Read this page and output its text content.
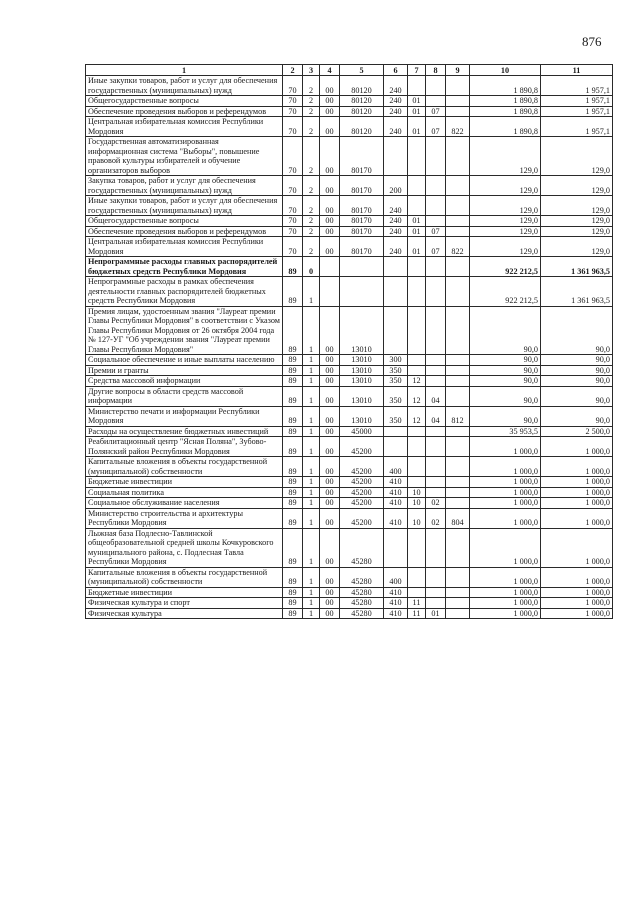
876
1	2	3	4	5	6	7	8	9	10	11
Иные закупки товаров, работ и услуг для обеспечения государственных (муниципальных) нужд	70	2	00	80120	240				1 890,8	1 957,1
Общегосударственные вопросы	70	2	00	80120	240	01			1 890,8	1 957,1
Обеспечение проведения выборов и референдумов	70	2	00	80120	240	01	07		1 890,8	1 957,1
Центральная избирательная комиссия Республики Мордовия	70	2	00	80120	240	01	07	822	1 890,8	1 957,1
Государственная автоматизированная информационная система "Выборы", повышение правовой культуры избирателей и обучение организаторов выборов	70	2	00	80170					129,0	129,0
Закупка товаров, работ и услуг для обеспечения государственных (муниципальных) нужд	70	2	00	80170	200				129,0	129,0
Иные закупки товаров, работ и услуг для обеспечения государственных (муниципальных) нужд	70	2	00	80170	240				129,0	129,0
Общегосударственные вопросы	70	2	00	80170	240	01			129,0	129,0
Обеспечение проведения выборов и референдумов	70	2	00	80170	240	01	07		129,0	129,0
Центральная избирательная комиссия Республики Мордовия	70	2	00	80170	240	01	07	822	129,0	129,0
Непрограммные расходы главных распорядителей бюджетных средств Республики Мордовия	89	0							922 212,5	1 361 963,5
Непрограммные расходы в рамках обеспечения деятельности главных распорядителей бюджетных средств Республики Мордовия	89	1							922 212,5	1 361 963,5
Премия лицам, удостоенным звания "Лауреат премии Главы Республики Мордовия" в соответствии с Указом Главы Республики Мордовия от 26 октября 2004 года № 127-УГ "Об учреждении звания "Лауреат премии Главы Республики Мордовия"	89	1	00	13010					90,0	90,0
Социальное обеспечение и иные выплаты населению	89	1	00	13010	300				90,0	90,0
Премии и гранты	89	1	00	13010	350				90,0	90,0
Средства массовой информации	89	1	00	13010	350	12			90,0	90,0
Другие вопросы в области средств массовой информации	89	1	00	13010	350	12	04		90,0	90,0
Министерство печати и информации Республики Мордовия	89	1	00	13010	350	12	04	812	90,0	90,0
Расходы на осуществление бюджетных инвестиций	89	1	00	45000					35 953,5	2 500,0
Реабилитационный центр "Ясная Поляна", Зубово-Полянский район Республики Мордовия	89	1	00	45200					1 000,0	1 000,0
Капитальные вложения в объекты государственной (муниципальной) собственности	89	1	00	45200	400				1 000,0	1 000,0
Бюджетные инвестиции	89	1	00	45200	410				1 000,0	1 000,0
Социальная политика	89	1	00	45200	410	10			1 000,0	1 000,0
Социальное обслуживание населения	89	1	00	45200	410	10	02		1 000,0	1 000,0
Министерство строительства и архитектуры Республики Мордовия	89	1	00	45200	410	10	02	804	1 000,0	1 000,0
Лыжная база Подлесно-Тавлинской общеобразовательной средней школы Кочкуровского муниципального района, с. Подлесная Тавла Республики Мордовия	89	1	00	45280					1 000,0	1 000,0
Капитальные вложения в объекты государственной (муниципальной) собственности	89	1	00	45280	400				1 000,0	1 000,0
Бюджетные инвестиции	89	1	00	45280	410				1 000,0	1 000,0
Физическая культура и спорт	89	1	00	45280	410	11			1 000,0	1 000,0
Физическая культура	89	1	00	45280	410	11	01		1 000,0	1 000,0
